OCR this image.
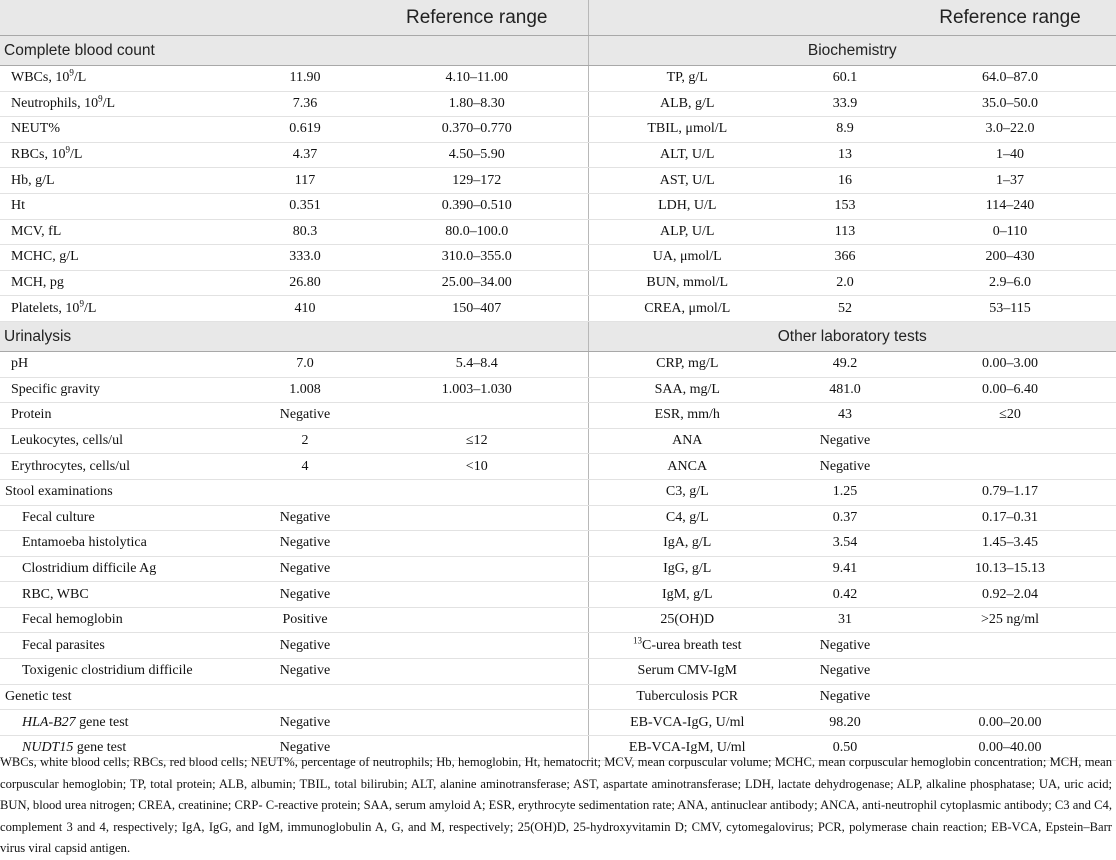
		Reference range			Reference range
Complete blood count			Biochemistry		
WBCs, $10^9/L$	11.90	4.10–11.00	TP, g/L	60.1	64.0–87.0
Neutrophils, $10^9/L$	7.36	1.80–8.30	ALB, g/L	33.9	35.0–50.0
NEUT%	0.619	0.370–0.770	TBIL, μmol/L	8.9	3.0–22.0
RBCs, $10^9/L$	4.37	4.50–5.90	ALT, U/L	13	1–40
Hb, g/L	117	129–172	AST, U/L	16	1–37
Ht	0.351	0.390–0.510	LDH, U/L	153	114–240
MCV, fL	80.3	80.0–100.0	ALP, U/L	113	0–110
MCHC, g/L	333.0	310.0–355.0	UA, μmol/L	366	200–430
MCH, pg	26.80	25.00–34.00	BUN, mmol/L	2.0	2.9–6.0
Platelets, $10^9/L$	410	150–407	CREA, μmol/L	52	53–115
Urinalysis			Other laboratory tests		
pH	7.0	5.4–8.4	CRP, mg/L	49.2	0.00–3.00
Specific gravity	1.008	1.003–1.030	SAA, mg/L	481.0	0.00–6.40
Protein	Negative		ESR, mm/h	43	≤20
Leukocytes, cells/ul	2	≤12	ANA	Negative	
Erythrocytes, cells/ul	4	<10	ANCA	Negative	
Stool examinations			C3, g/L	1.25	0.79–1.17
Fecal culture	Negative		C4, g/L	0.37	0.17–0.31
Entamoeba histolytica	Negative		IgA, g/L	3.54	1.45–3.45
Clostridium difficile Ag	Negative		IgG, g/L	9.41	10.13–15.13
RBC, WBC	Negative		IgM, g/L	0.42	0.92–2.04
Fecal hemoglobin	Positive		25(OH)D	31	>25 ng/ml
Fecal parasites	Negative		$^{13}$C-urea breath test	Negative	
Toxigenic clostridium difficile	Negative		Serum CMV-IgM	Negative	
Genetic test			Tuberculosis PCR	Negative	
HLA-B27 gene test	Negative		EB-VCA-IgG, U/ml	98.20	0.00–20.00
NUDT15 gene test	Negative		EB-VCA-IgM, U/ml	0.50	0.00–40.00
WBCs, white blood cells; RBCs, red blood cells; NEUT%, percentage of neutrophils; Hb, hemoglobin, Ht, hematocrit; MCV, mean corpuscular volume; MCHC, mean corpuscular hemoglobin concentration; MCH, mean corpuscular hemoglobin; TP, total protein; ALB, albumin; TBIL, total bilirubin; ALT, alanine aminotransferase; AST, aspartate aminotransferase; LDH, lactate dehydrogenase; ALP, alkaline phosphatase; UA, uric acid; BUN, blood urea nitrogen; CREA, creatinine; CRP- C-reactive protein; SAA, serum amyloid A; ESR, erythrocyte sedimentation rate; ANA, antinuclear antibody; ANCA, anti-neutrophil cytoplasmic antibody; C3 and C4, complement 3 and 4, respectively; IgA, IgG, and IgM, immunoglobulin A, G, and M, respectively; 25(OH)D, 25-hydroxyvitamin D; CMV, cytomegalovirus; PCR, polymerase chain reaction; EB-VCA, Epstein–Barr virus viral capsid antigen.
